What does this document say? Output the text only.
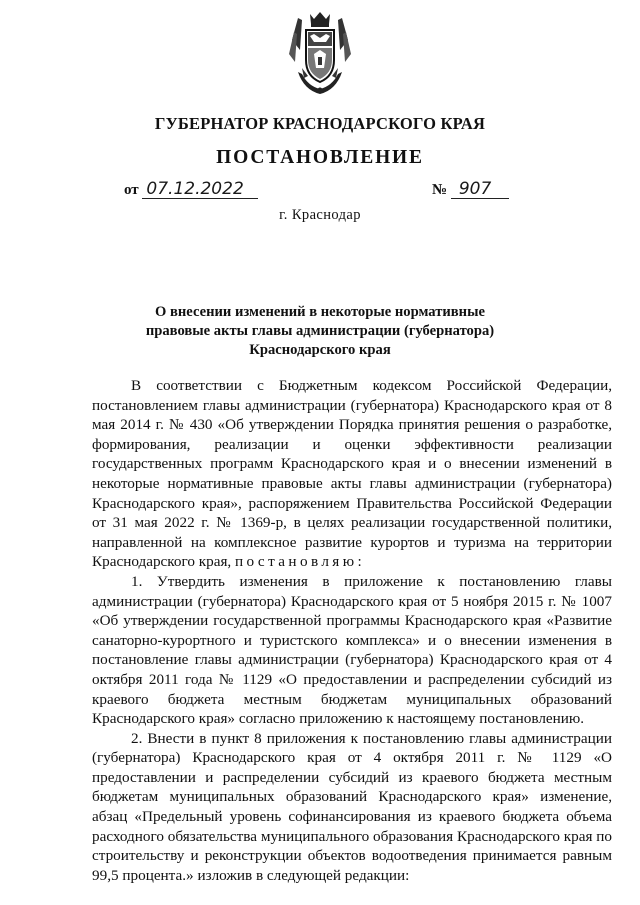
ГУБЕРНАТОР КРАСНОДАРСКОГО КРАЯ
ПОСТАНОВЛЕНИЕ
от 07.12.2022	№ 907
г. Краснодар
О внесении изменений в некоторые нормативные
правовые акты главы администрации (губернатора)
Краснодарского края

В соответствии с Бюджетным кодексом Российской Федерации, постановлением главы администрации (губернатора) Краснодарского края от 8 мая 2014 г. № 430 «Об утверждении Порядка принятия решения о разработке, формирования, реализации и оценки эффективности реализации государственных программ Краснодарского края и о внесении изменений в некоторые нормативные правовые акты главы администрации (губернатора) Краснодарского края», распоряжением Правительства Российской Федерации от 31 мая 2022 г. № 1369-р, в целях реализации государственной политики, направленной на комплексное развитие курортов и туризма на территории Краснодарского края, постановляю:

1. Утвердить изменения в приложение к постановлению главы администрации (губернатора) Краснодарского края от 5 ноября 2015 г. № 1007 «Об утверждении государственной программы Краснодарского края «Развитие санаторно-курортного и туристского комплекса» и о внесении изменения в постановление главы администрации (губернатора) Краснодарского края от 4 октября 2011 года № 1129 «О предоставлении и распределении субсидий из краевого бюджета местным бюджетам муниципальных образований Краснодарского края» согласно приложению к настоящему постановлению.

2. Внести в пункт 8 приложения к постановлению главы администрации (губернатора) Краснодарского края от 4 октября 2011 г. № 1129 «О предоставлении и распределении субсидий из краевого бюджета местным бюджетам муниципальных образований Краснодарского края» изменение, абзац «Предельный уровень софинансирования из краевого бюджета объема расходного обязательства муниципального образования Краснодарского края по строительству и реконструкции объектов водоотведения принимается равным 99,5 процента.» изложив в следующей редакции:
